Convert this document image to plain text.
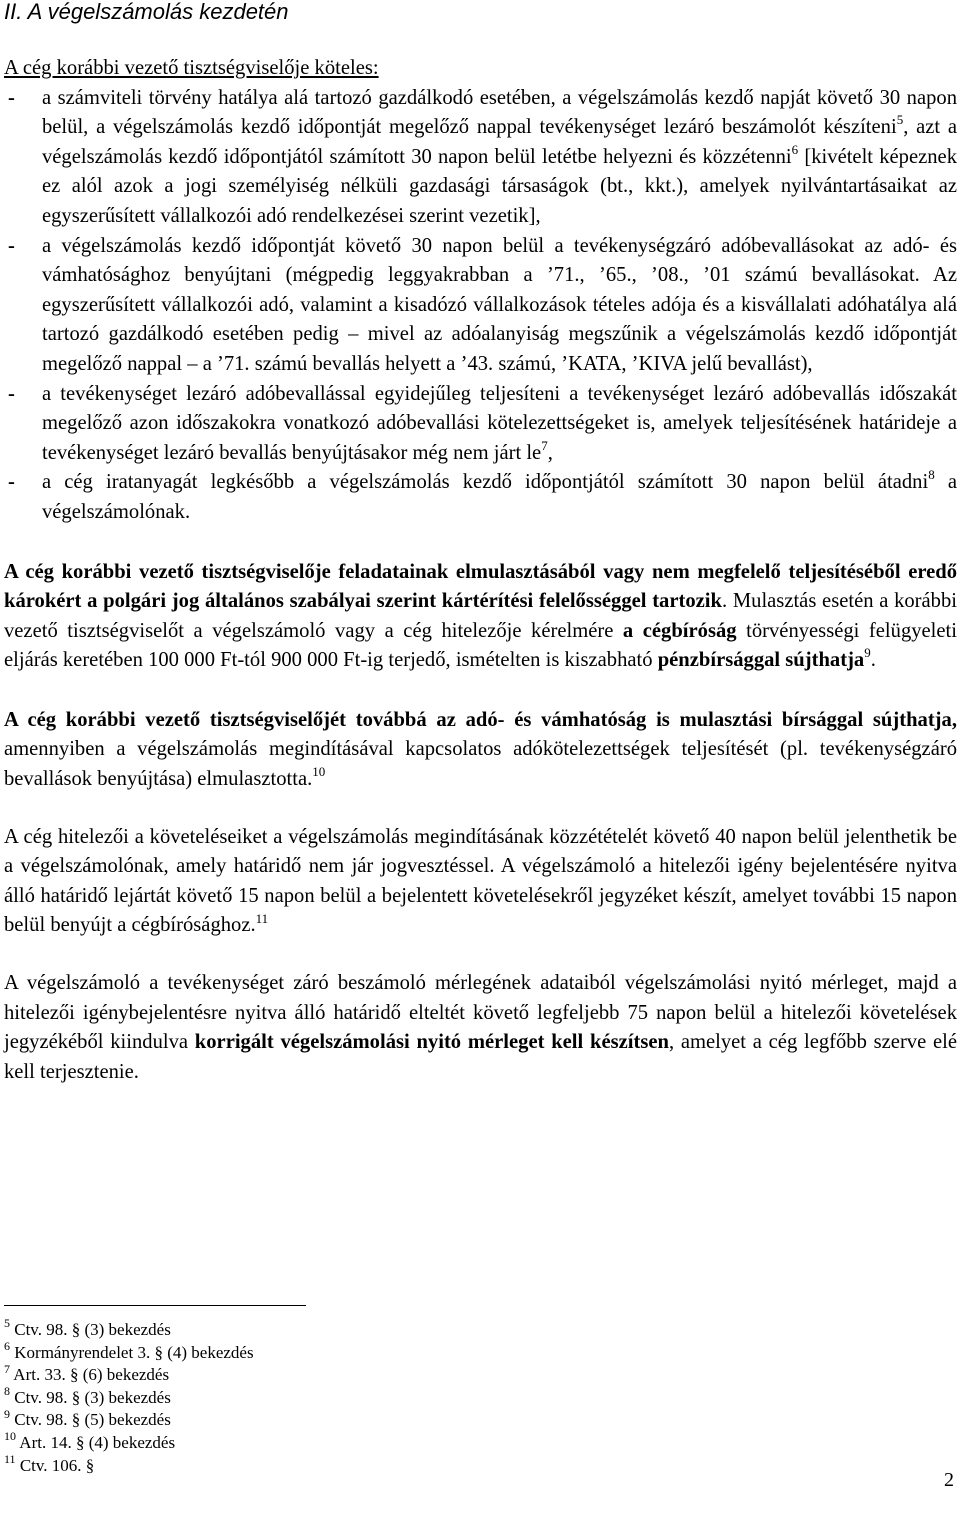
II. A végelszámolás kezdetén

A cég korábbi vezető tisztségviselője köteles:

- a számviteli törvény hatálya alá tartozó gazdálkodó esetében, a végelszámolás kezdő napját követő 30 napon belül, a végelszámolás kezdő időpontját megelőző nappal tevékenységet lezáró beszámolót készíteni$^5$, azt a végelszámolás kezdő időpontjától számított 30 napon belül letétbe helyezni és közzétenni$^6$ [kivételt képeznek ez alól azok a jogi személyiség nélküli gazdasági társaságok (bt., kkt.), amelyek nyilvántartásaikat az egyszerűsített vállalkozói adó rendelkezései szerint vezetik],
- a végelszámolás kezdő időpontját követő 30 napon belül a tevékenységzáró adóbevallásokat az adó- és vámhatósághoz benyújtani (mégpedig leggyakrabban a ’71., ’65., ’08., ’01 számú bevallásokat. Az egyszerűsített vállalkozói adó, valamint a kisadózó vállalkozások tételes adója és a kisvállalati adóhatálya alá tartozó gazdálkodó esetében pedig – mivel az adóalanyiság megszűnik a végelszámolás kezdő időpontját megelőző nappal – a ’71. számú bevallás helyett a ’43. számú, ’KATA, ’KIVA jelű bevallást),
- a tevékenységet lezáró adóbevallással egyidejűleg teljesíteni a tevékenységet lezáró adóbevallás időszakát megelőző azon időszakokra vonatkozó adóbevallási kötelezettségeket is, amelyek teljesítésének határideje a tevékenységet lezáró bevallás benyújtásakor még nem járt $le^7$,
- a cég iratanyagát legkésőbb a végelszámolás kezdő időpontjától számított 30 napon belül átadni$^8$ a végelszámolónak.

A cég korábbi vezető tisztségviselője feladatainak elmulasztásából vagy nem megfelelő teljesítéséből eredő károkért a polgári jog általános szabályai szerint kártérítési felelősséggel tartozik. Mulasztás esetén a korábbi vezető tisztségviselőt a végelszámoló vagy a cég hitelezője kérelmére a cégbíróság törvényességi felügyeleti eljárás keretében 100 000 Ft-tól 900 000 Ft-ig terjedő, ismételten is kiszabható pénzbírsággal sújthatja$^9$.

A cég korábbi vezető tisztségviselőjét továbbá az adó- és vámhatóság is mulasztási bírsággal sújthatja, amennyiben a végelszámolás megindításával kapcsolatos adókötelezettségek teljesítését (pl. tevékenységzáró bevallások benyújtása) elmulasztotta.$^{10}$

A cég hitelezői a követeléseiket a végelszámolás megindításának közzétételét követő 40 napon belül jelenthetik be a végelszámolónak, amely határidő nem jár jogvesztéssel. A végelszámoló a hitelezői igény bejelentésére nyitva álló határidő lejártát követő 15 napon belül a bejelentett követelésekről jegyzéket készít, amelyet további 15 napon belül benyújt a cégbírósághoz.$^{11}$

A végelszámoló a tevékenységet záró beszámoló mérlegének adataiból végelszámolási nyitó mérleget, majd a hitelezői igénybejelentésre nyitva álló határidő elteltét követő legfeljebb 75 napon belül a hitelezői követelések jegyzékéből kiindulva korrigált végelszámolási nyitó mérleget kell készítsen, amelyet a cég legfőbb szerve elé kell terjesztenie.

$^5$ Ctv. 98. § (3) bekezdés
$^6$ Kormányrendelet 3. § (4) bekezdés
$^7$ Art. 33. § (6) bekezdés
$^8$ Ctv. 98. § (3) bekezdés
$^9$ Ctv. 98. § (5) bekezdés
$^{10}$ Art. 14. § (4) bekezdés
$^{11}$ Ctv. 106. §
2
